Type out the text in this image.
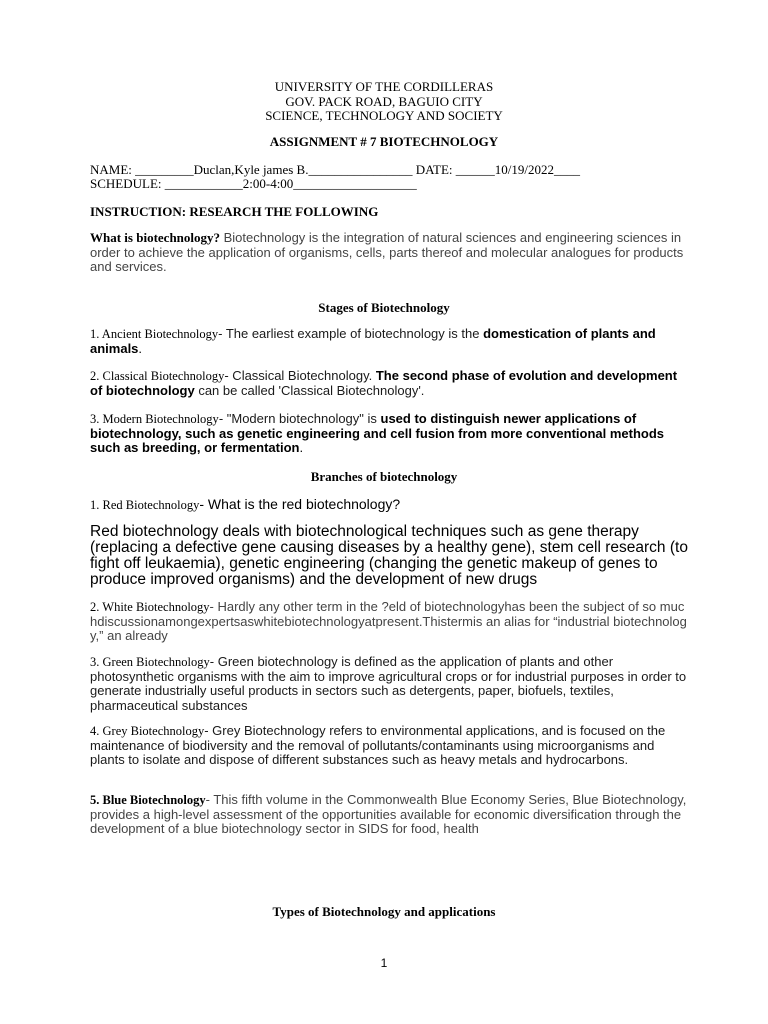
UNIVERSITY OF THE CORDILLERAS
GOV. PACK ROAD, BAGUIO CITY
SCIENCE, TECHNOLOGY AND SOCIETY
ASSIGNMENT # 7 BIOTECHNOLOGY
NAME: _________Duclan,Kyle james B.________________ DATE: ______10/19/2022____
SCHEDULE: ____________2:00-4:00___________________
INSTRUCTION: RESEARCH THE FOLLOWING
What is biotechnology? Biotechnology is the integration of natural sciences and engineering sciences in order to achieve the application of organisms, cells, parts thereof and molecular analogues for products and services.
Stages of Biotechnology
1. Ancient Biotechnology- The earliest example of biotechnology is the domestication of plants and animals.
2. Classical Biotechnology- Classical Biotechnology. The second phase of evolution and development of biotechnology can be called 'Classical Biotechnology'.
3. Modern Biotechnology- "Modern biotechnology" is used to distinguish newer applications of biotechnology, such as genetic engineering and cell fusion from more conventional methods such as breeding, or fermentation.
Branches of biotechnology
1. Red Biotechnology- What is the red biotechnology?
Red biotechnology deals with biotechnological techniques such as gene therapy (replacing a defective gene causing diseases by a healthy gene), stem cell research (to fight off leukaemia), genetic engineering (changing the genetic makeup of genes to produce improved organisms) and the development of new drugs
2. White Biotechnology- Hardly any other term in the ?eld of biotechnologyhas been the subject of so muchdiscussionamongexpertsaswhitebiotechnologyatpresent.Thistermis an alias for “industrial biotechnology,” an already
3. Green Biotechnology- Green biotechnology is defined as the application of plants and other photosynthetic organisms with the aim to improve agricultural crops or for industrial purposes in order to generate industrially useful products in sectors such as detergents, paper, biofuels, textiles, pharmaceutical substances
4. Grey Biotechnology- Grey Biotechnology refers to environmental applications, and is focused on the maintenance of biodiversity and the removal of pollutants/contaminants using microorganisms and plants to isolate and dispose of different substances such as heavy metals and hydrocarbons.
5. Blue Biotechnology- This fifth volume in the Commonwealth Blue Economy Series, Blue Biotechnology, provides a high-level assessment of the opportunities available for economic diversification through the development of a blue biotechnology sector in SIDS for food, health
Types of Biotechnology and applications
1
